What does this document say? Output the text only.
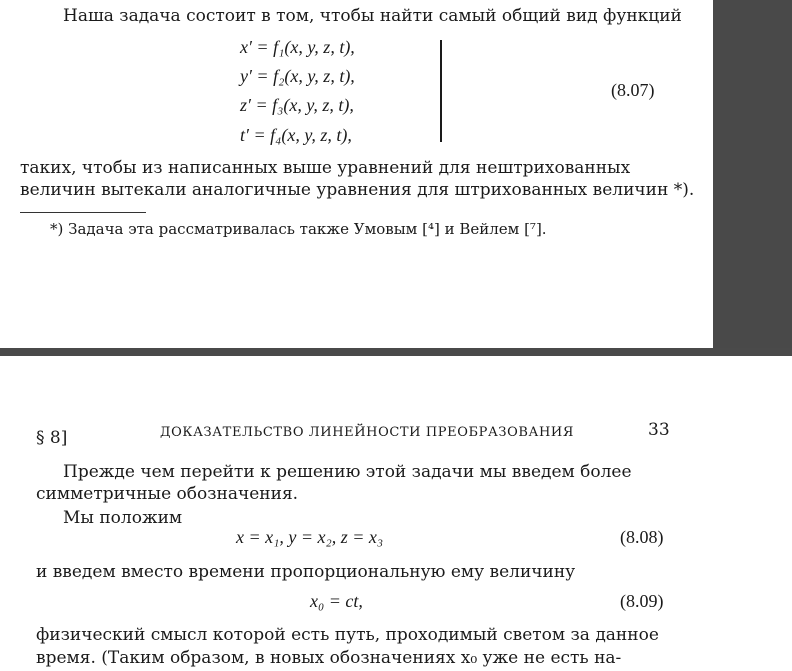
Наша задача состоит в том, чтобы найти самый общий вид функций
x′ = f₁(x, y, z, t),
y′ = f₂(x, y, z, t),
z′ = f₃(x, y, z, t),
t′ = f₄(x, y, z, t),
(8.07)
таких, чтобы из написанных выше уравнений для нештрихованных
величин вытекали аналогичные уравнения для штрихованных величин *).
*) Задача эта рассматривалась также Умовым [⁴] и Вейлем [⁷].
§ 8]	ДОКАЗАТЕЛЬСТВО ЛИНЕЙНОСТИ ПРЕОБРАЗОВАНИЯ	33
Прежде чем перейти к решению этой задачи мы введем более
симметричные обозначения.
Мы положим
x = x₁, y = x₂, z = x₃	(8.08)
и введем вместо времени пропорциональную ему величину
x₀ = ct,	(8.09)
физический смысл которой есть путь, проходимый светом за данное
время. (Таким образом, в новых обозначениях x₀ уже не есть на-
